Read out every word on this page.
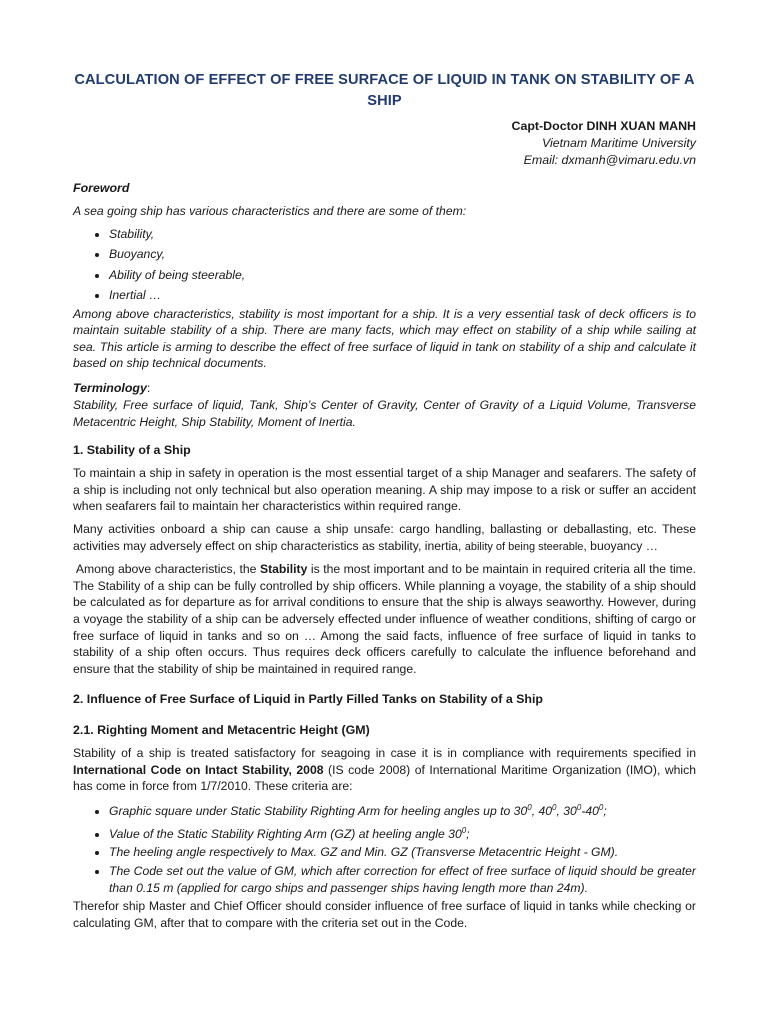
CALCULATION OF EFFECT OF FREE SURFACE OF LIQUID IN TANK ON STABILITY OF A SHIP
Capt-Doctor DINH XUAN MANH
Vietnam Maritime University
Email: dxmanh@vimaru.edu.vn
Foreword

A sea going ship has various characteristics and there are some of them:

• Stability,
• Buoyancy,
• Ability of being steerable,
• Inertial …

Among above characteristics, stability is most important for a ship. It is a very essential task of deck officers is to maintain suitable stability of a ship. There are many facts, which may effect on stability of a ship while sailing at sea. This article is arming to describe the effect of free surface of liquid in tank on stability of a ship and calculate it based on ship technical documents.

Terminology:

Stability, Free surface of liquid, Tank, Ship’s Center of Gravity, Center of Gravity of a Liquid Volume, Transverse Metacentric Height, Ship Stability, Moment of Inertia.

1. Stability of a Ship

To maintain a ship in safety in operation is the most essential target of a ship Manager and seafarers. The safety of a ship is including not only technical but also operation meaning. A ship may impose to a risk or suffer an accident when seafarers fail to maintain her characteristics within required range.

Many activities onboard a ship can cause a ship unsafe: cargo handling, ballasting or deballasting, etc. These activities may adversely effect on ship characteristics as stability, inertia, ability of being steerable, buoyancy …

Among above characteristics, the Stability is the most important and to be maintain in required criteria all the time. The Stability of a ship can be fully controlled by ship officers. While planning a voyage, the stability of a ship should be calculated as for departure as for arrival conditions to ensure that the ship is always seaworthy. However, during a voyage the stability of a ship can be adversely effected under influence of weather conditions, shifting of cargo or free surface of liquid in tanks and so on … Among the said facts, influence of free surface of liquid in tanks to stability of a ship often occurs. Thus requires deck officers carefully to calculate the influence beforehand and ensure that the stability of ship be maintained in required range.

2. Influence of Free Surface of Liquid in Partly Filled Tanks on Stability of a Ship
2.1. Righting Moment and Metacentric Height (GM)

Stability of a ship is treated satisfactory for seagoing in case it is in compliance with requirements specified in International Code on Intact Stability, 2008 (IS code 2008) of International Maritime Organization (IMO), which has come in force from 1/7/2010. These criteria are:

• Graphic square under Static Stability Righting Arm for heeling angles up to $30^0$, $40^0$, $30^0-40^0$;
• Value of the Static Stability Righting Arm (GZ) at heeling angle $30^0$;
• The heeling angle respectively to Max. GZ and Min. GZ (Transverse Metacentric Height - GM).
• The Code set out the value of GM, which after correction for effect of free surface of liquid should be greater than 0.15 m (applied for cargo ships and passenger ships having length more than 24m).

Therefor ship Master and Chief Officer should consider influence of free surface of liquid in tanks while checking or calculating GM, after that to compare with the criteria set out in the Code.
